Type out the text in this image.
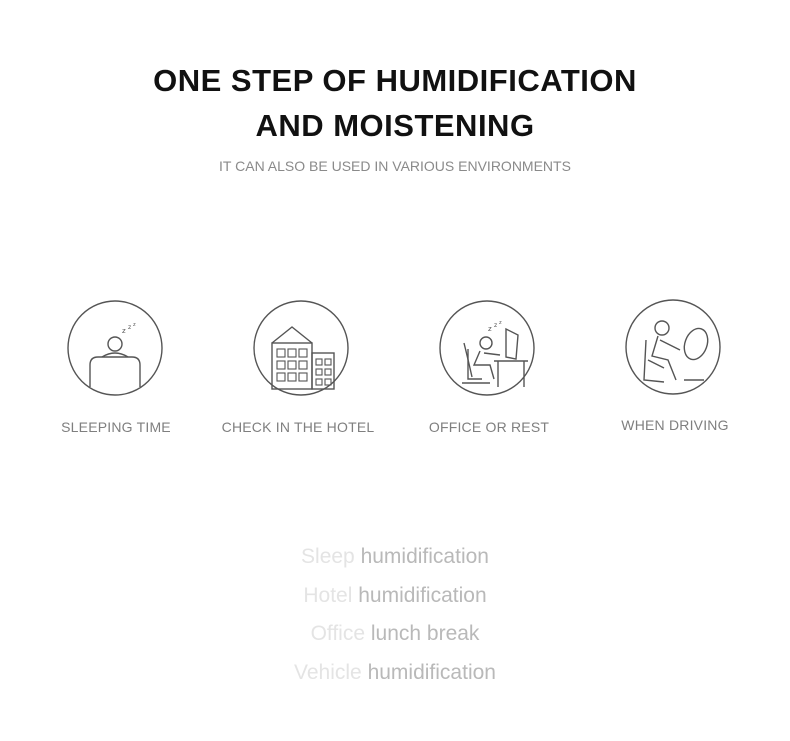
ONE STEP OF HUMIDIFICATION
AND MOISTENING
IT CAN ALSO BE USED IN VARIOUS ENVIRONMENTS
z z z
SLEEPING TIME	CHECK IN THE HOTEL
z z z
OFFICE OR REST	WHEN DRIVING
Sleep humidification
Hotel humidification
Office lunch break
Vehicle humidification
